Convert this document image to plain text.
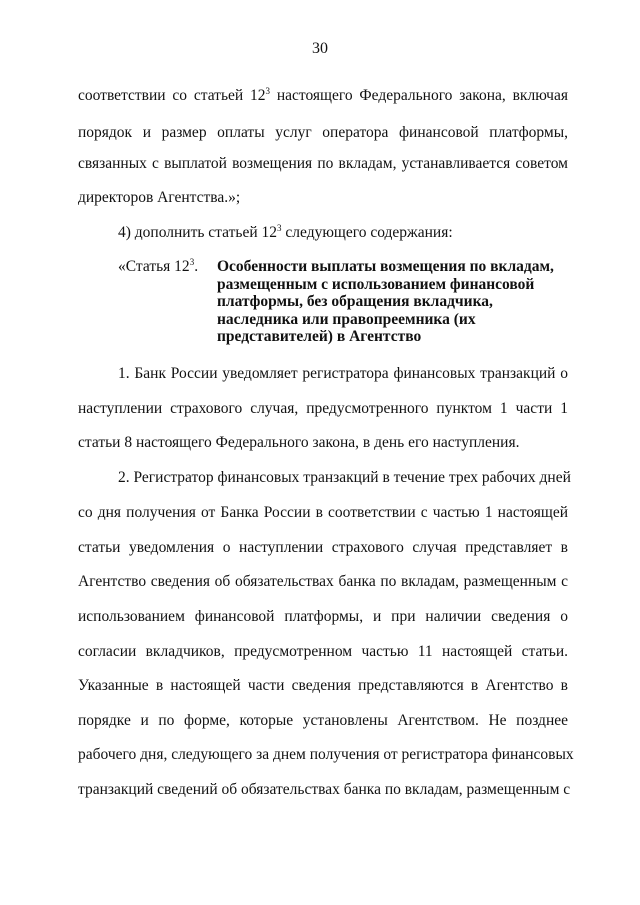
30
соответствии со статьей $12^3$ настоящего Федерального закона, включая
порядок и размер оплаты услуг оператора финансовой платформы,
связанных с выплатой возмещения по вкладам, устанавливается советом
директоров Агентства.»;
4) дополнить статьей $12^3$ следующего содержания:
1. Банк России уведомляет регистратора финансовых транзакций о
наступлении страхового случая, предусмотренного пунктом 1 части 1
статьи 8 настоящего Федерального закона, в день его наступления.
2. Регистратор финансовых транзакций в течение трех рабочих дней
со дня получения от Банка России в соответствии с частью 1 настоящей
статьи уведомления о наступлении страхового случая представляет в
Агентство сведения об обязательствах банка по вкладам, размещенным с
использованием финансовой платформы, и при наличии сведения о
согласии вкладчиков, предусмотренном частью 11 настоящей статьи.
Указанные в настоящей части сведения представляются в Агентство в
порядке и по форме, которые установлены Агентством. Не позднее
рабочего дня, следующего за днем получения от регистратора финансовых
транзакций сведений об обязательствах банка по вкладам, размещенным с
«Статья $12^3$. Особенности выплаты возмещения по вкладам,
размещенным с использованием финансовой
платформы, без обращения вкладчика,
наследника или правопреемника (их
представителей) в Агентство
